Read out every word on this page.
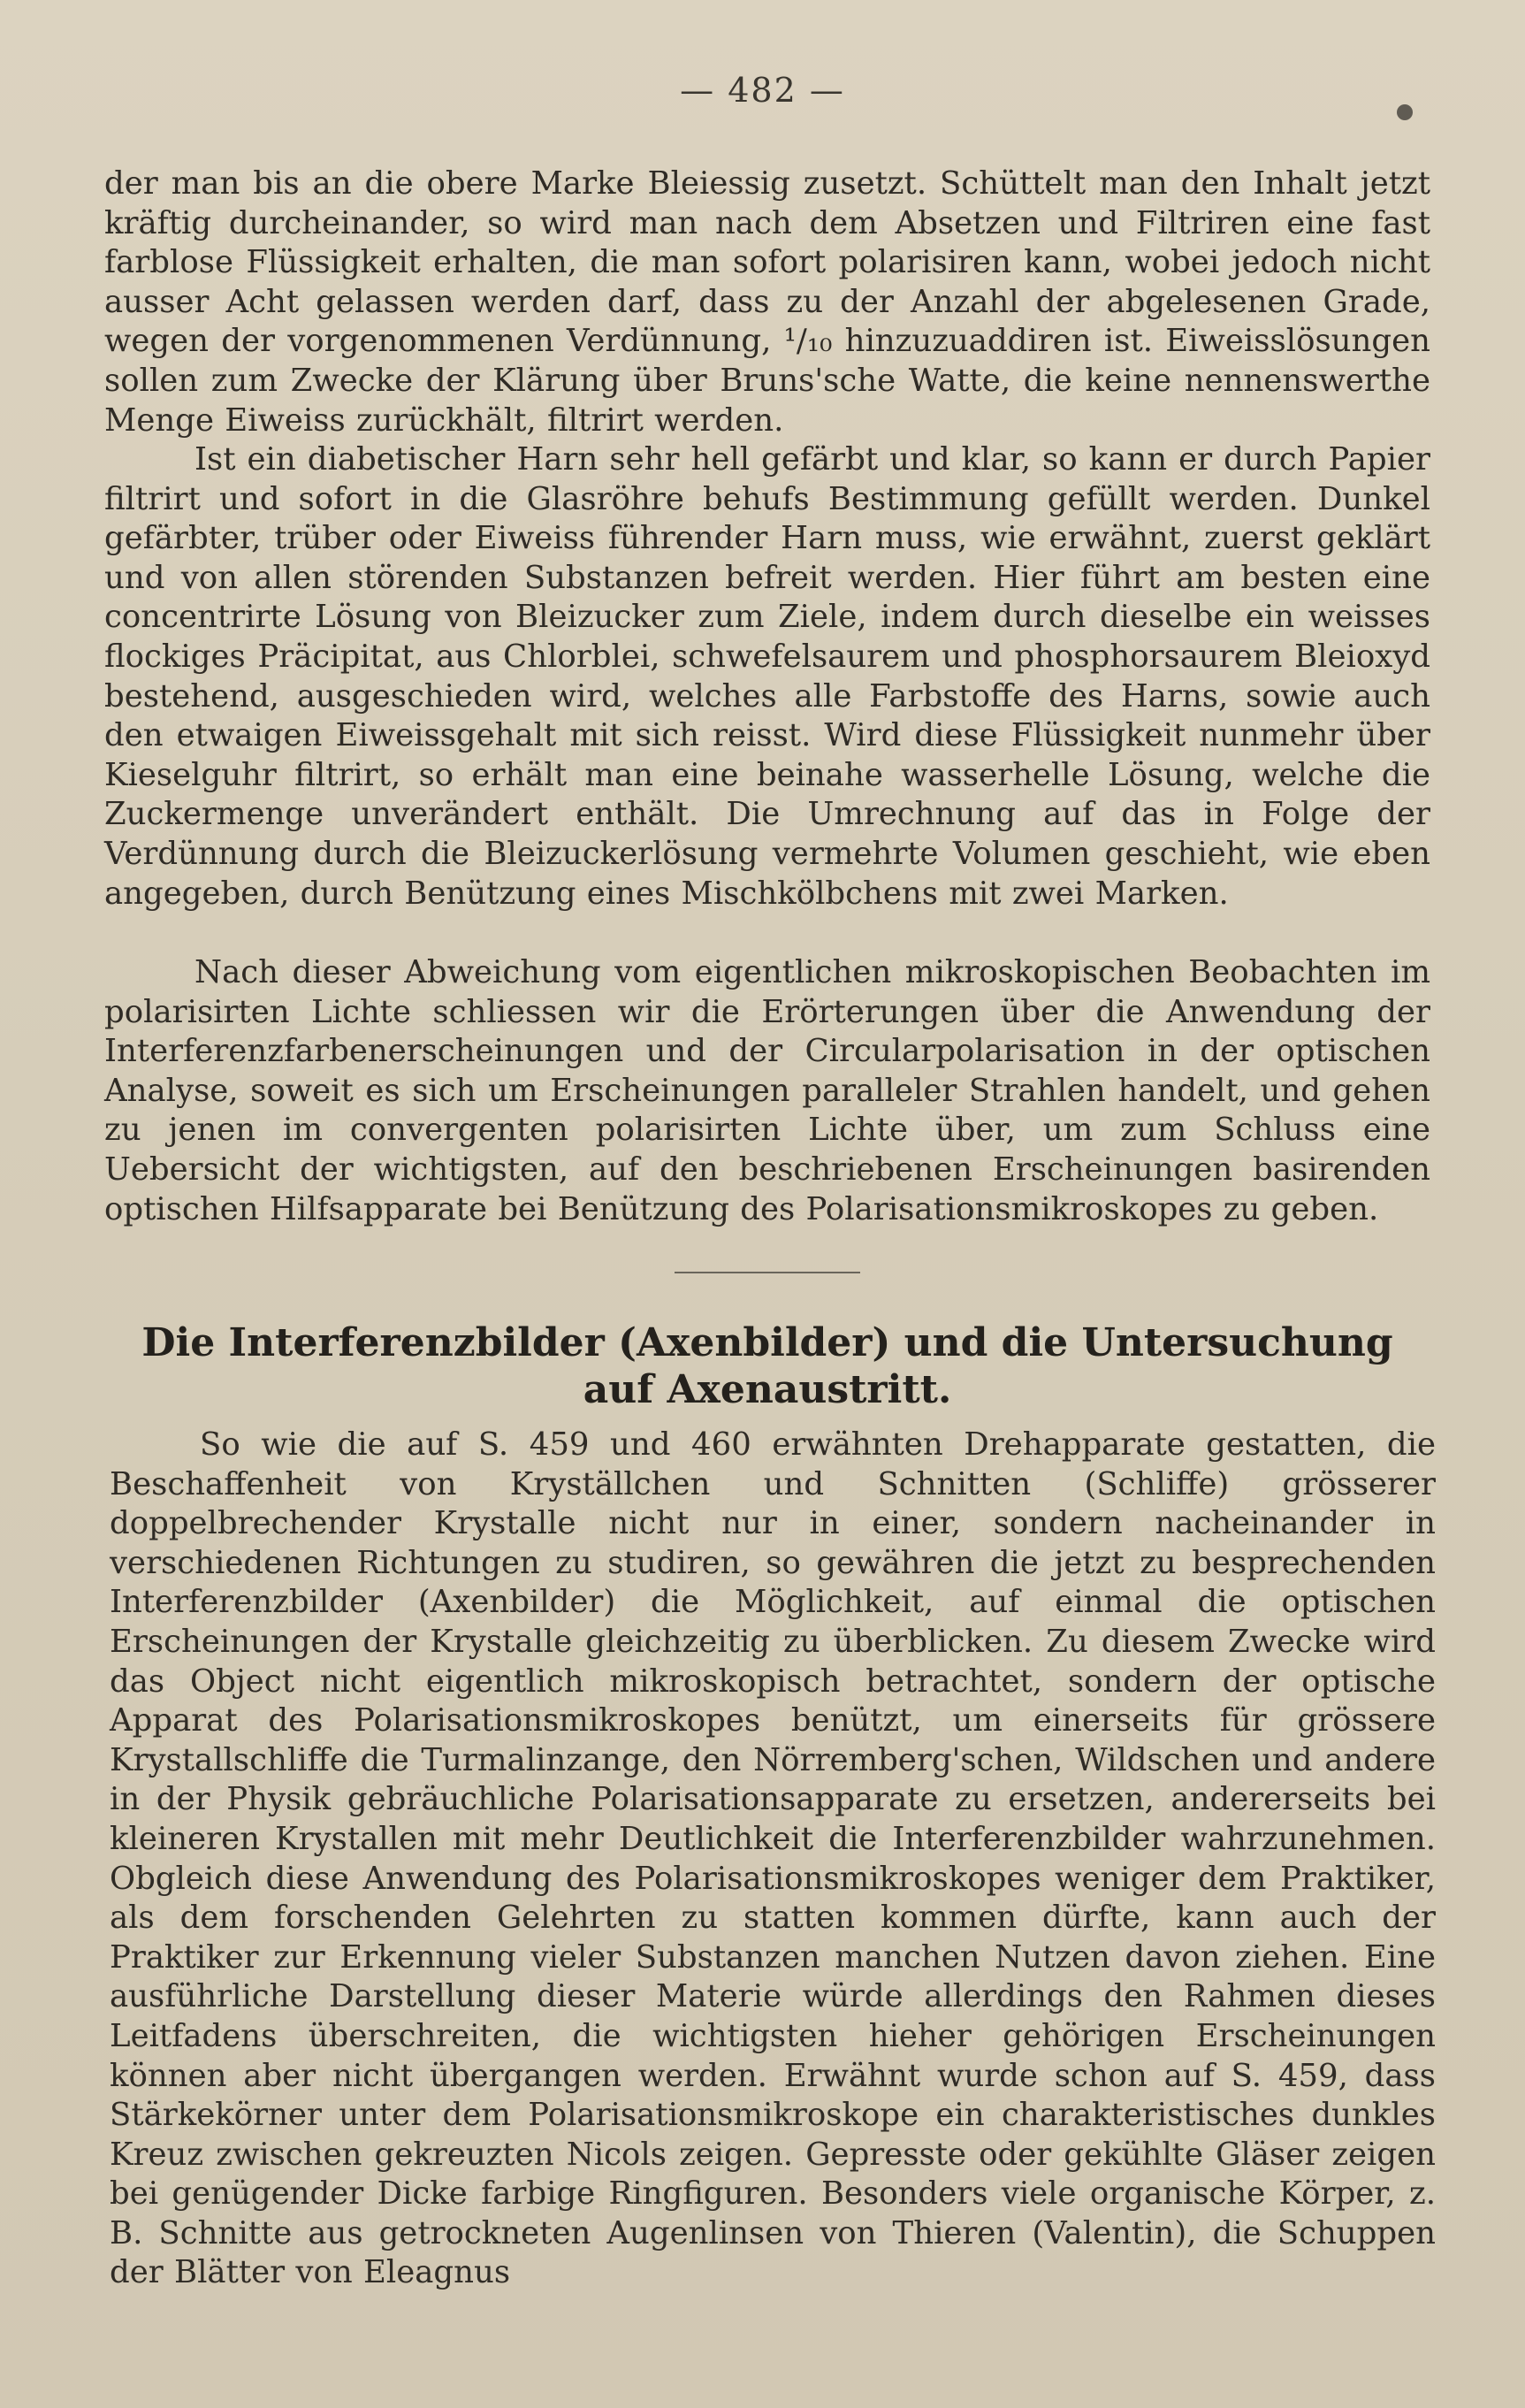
— 482 —
der man bis an die obere Marke Bleiessig zusetzt. Schüttelt man den Inhalt jetzt kräftig durcheinander, so wird man nach dem Absetzen und Filtriren eine fast farblose Flüssigkeit erhalten, die man sofort polarisiren kann, wobei jedoch nicht ausser Acht gelassen werden darf, dass zu der Anzahl der abgelesenen Grade, wegen der vorgenommenen Verdünnung, ¹/₁₀ hinzuzuaddiren ist. Eiweisslösungen sollen zum Zwecke der Klärung über Bruns'sche Watte, die keine nennenswerthe Menge Eiweiss zurückhält, filtrirt werden.
Ist ein diabetischer Harn sehr hell gefärbt und klar, so kann er durch Papier filtrirt und sofort in die Glasröhre behufs Bestimmung gefüllt werden. Dunkel gefärbter, trüber oder Eiweiss führender Harn muss, wie erwähnt, zuerst geklärt und von allen störenden Substanzen befreit werden. Hier führt am besten eine concentrirte Lösung von Bleizucker zum Ziele, indem durch dieselbe ein weisses flockiges Präcipitat, aus Chlorblei, schwefelsaurem und phosphorsaurem Bleioxyd bestehend, ausgeschieden wird, welches alle Farbstoffe des Harns, sowie auch den etwaigen Eiweissgehalt mit sich reisst. Wird diese Flüssigkeit nunmehr über Kieselguhr filtrirt, so erhält man eine beinahe wasserhelle Lösung, welche die Zuckermenge unverändert enthält. Die Umrechnung auf das in Folge der Verdünnung durch die Bleizuckerlösung vermehrte Volumen geschieht, wie eben angegeben, durch Benützung eines Mischkölbchens mit zwei Marken.
Nach dieser Abweichung vom eigentlichen mikroskopischen Beobachten im polarisirten Lichte schliessen wir die Erörterungen über die Anwendung der Interferenzfarbenerscheinungen und der Circularpolarisation in der optischen Analyse, soweit es sich um Erscheinungen paralleler Strahlen handelt, und gehen zu jenen im convergenten polarisirten Lichte über, um zum Schluss eine Uebersicht der wichtigsten, auf den beschriebenen Erscheinungen basirenden optischen Hilfsapparate bei Benützung des Polarisationsmikroskopes zu geben.
Die Interferenzbilder (Axenbilder) und die Untersuchung auf Axenaustritt.
So wie die auf S. 459 und 460 erwähnten Drehapparate gestatten, die Beschaffenheit von Kryställchen und Schnitten (Schliffe) grösserer doppelbrechender Krystalle nicht nur in einer, sondern nacheinander in verschiedenen Richtungen zu studiren, so gewähren die jetzt zu besprechenden Interferenzbilder (Axenbilder) die Möglichkeit, auf einmal die optischen Erscheinungen der Krystalle gleichzeitig zu überblicken. Zu diesem Zwecke wird das Object nicht eigentlich mikroskopisch betrachtet, sondern der optische Apparat des Polarisationsmikroskopes benützt, um einerseits für grössere Krystallschliffe die Turmalinzange, den Nörremberg'schen, Wildschen und andere in der Physik gebräuchliche Polarisationsapparate zu ersetzen, andererseits bei kleineren Krystallen mit mehr Deutlichkeit die Interferenzbilder wahrzunehmen. Obgleich diese Anwendung des Polarisationsmikroskopes weniger dem Praktiker, als dem forschenden Gelehrten zu statten kommen dürfte, kann auch der Praktiker zur Erkennung vieler Substanzen manchen Nutzen davon ziehen. Eine ausführliche Darstellung dieser Materie würde allerdings den Rahmen dieses Leitfadens überschreiten, die wichtigsten hieher gehörigen Erscheinungen können aber nicht übergangen werden. Erwähnt wurde schon auf S. 459, dass Stärkekörner unter dem Polarisationsmikroskope ein charakteristisches dunkles Kreuz zwischen gekreuzten Nicols zeigen. Gepresste oder gekühlte Gläser zeigen bei genügender Dicke farbige Ringfiguren. Besonders viele organische Körper, z. B. Schnitte aus getrockneten Augenlinsen von Thieren (Valentin), die Schuppen der Blätter von Eleagnus
